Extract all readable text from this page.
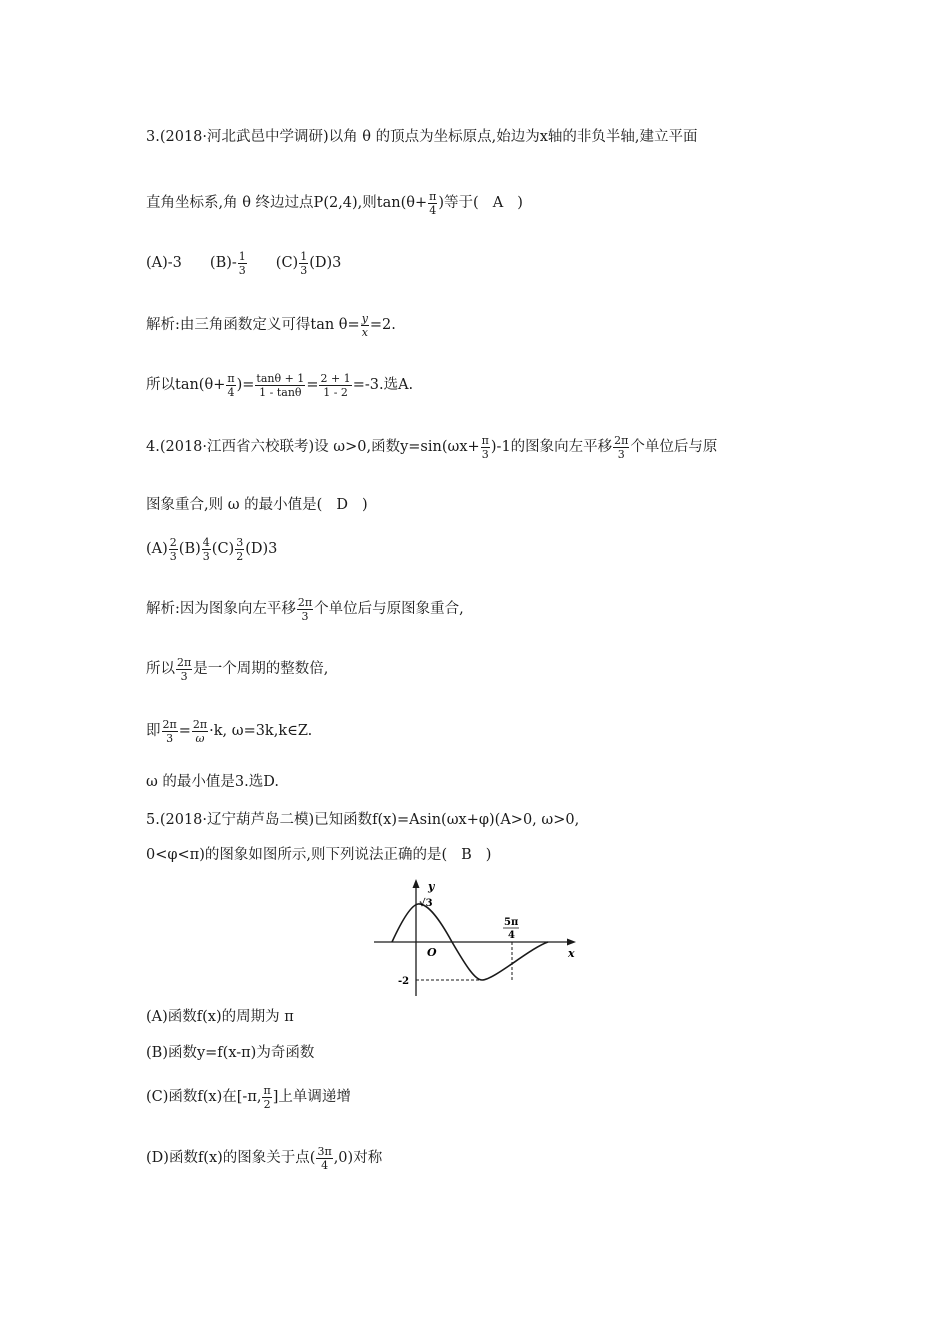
3.(2018·河北武邑中学调研)以角 θ 的顶点为坐标原点,始边为x轴的非负半轴,建立平面
直角坐标系,角 θ 终边过点P(2,4),则$\tan(\theta+ \frac{\pi}{4}$ )等于( A )
(A)-3 $(B)- \frac{1}{3} (C) \frac{1}{3} (D)3$
解析:由三角函数定义可得$\tan \theta= \frac{y}{x} =2$.
所以$\tan(\theta+ \frac{\pi}{4}$ )= $\frac{\tan\theta + 1}{1 - \tan\theta} = \frac{2 + 1}{1 - 2} =-3$.选A.
4.(2018·江西省六校联考)设 ω>0,函数$y=\sin(\omega x+ \frac{\pi}{3} )-1$的图象向左平移 $\frac{2\pi}{3}$ 个单位后与原
图象重合,则 ω 的最小值是( D )
$(A) \frac{2}{3} (B) \frac{4}{3} (C) \frac{3}{2} (D)3$
解析:因为图象向左平移 $\frac{2\pi}{3}$ 个单位后与原图象重合,
所以 $\frac{2\pi}{3}$ 是一个周期的整数倍,
即 $\frac{2\pi}{3} = \frac{2\pi}{\omega} \cdot k$, ω=3k,k∈Z.
ω 的最小值是3.选D.
5.(2018·辽宁葫芦岛二模)已知函数f(x)=Asin(ωx+φ)(A>0, ω>0,
0<φ<π)的图象如图所示,则下列说法正确的是( B )
y
x
O
√3
5π
4
-2
(A)函数f(x)的周期为 π
(B)函数y=f(x-π)为奇函数
(C)函数f(x)在[-π, $\frac{\pi}{2}$ ]上单调递增
(D)函数f(x)的图象关于点( $\frac{3\pi}{4} ,0$)对称
